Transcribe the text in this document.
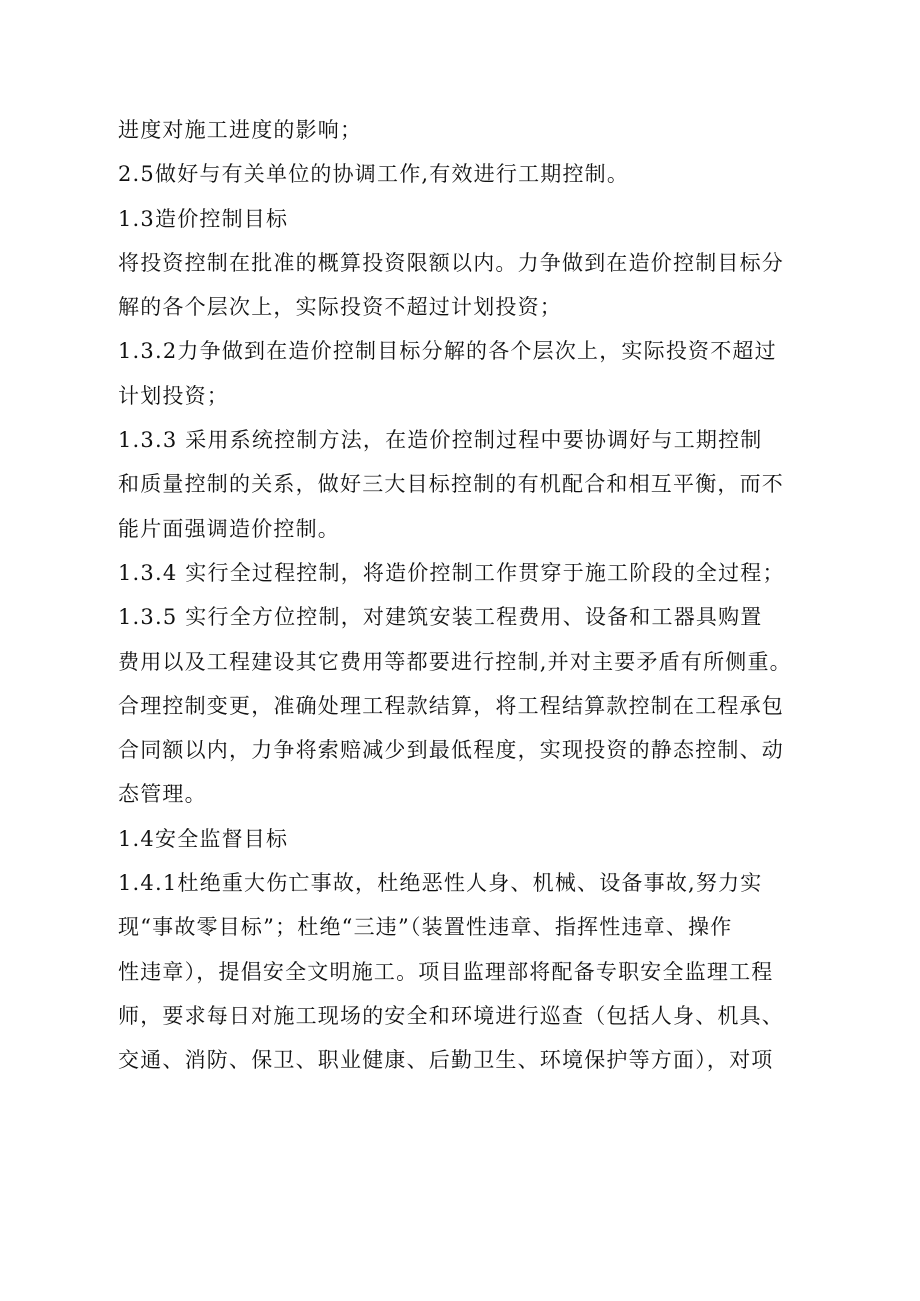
进度对施工进度的影响；
2.5做好与有关单位的协调工作,有效进行工期控制。
1.3造价控制目标
将投资控制在批准的概算投资限额以内。力争做到在造价控制目标分
解的各个层次上，实际投资不超过计划投资；
1.3.2力争做到在造价控制目标分解的各个层次上，实际投资不超过
计划投资；
1.3.3 采用系统控制方法，在造价控制过程中要协调好与工期控制
和质量控制的关系，做好三大目标控制的有机配合和相互平衡，而不
能片面强调造价控制。
1.3.4 实行全过程控制，将造价控制工作贯穿于施工阶段的全过程；
1.3.5 实行全方位控制，对建筑安装工程费用、设备和工器具购置
费用以及工程建设其它费用等都要进行控制,并对主要矛盾有所侧重。
合理控制变更，准确处理工程款结算，将工程结算款控制在工程承包
合同额以内，力争将索赔减少到最低程度，实现投资的静态控制、动
态管理。
1.4安全监督目标
1.4.1杜绝重大伤亡事故，杜绝恶性人身、机械、设备事故,努力实
现“事故零目标”；杜绝“三违”（装置性违章、指挥性违章、操作
性违章），提倡安全文明施工。项目监理部将配备专职安全监理工程
师，要求每日对施工现场的安全和环境进行巡查（包括人身、机具、
交通、消防、保卫、职业健康、后勤卫生、环境保护等方面），对项
